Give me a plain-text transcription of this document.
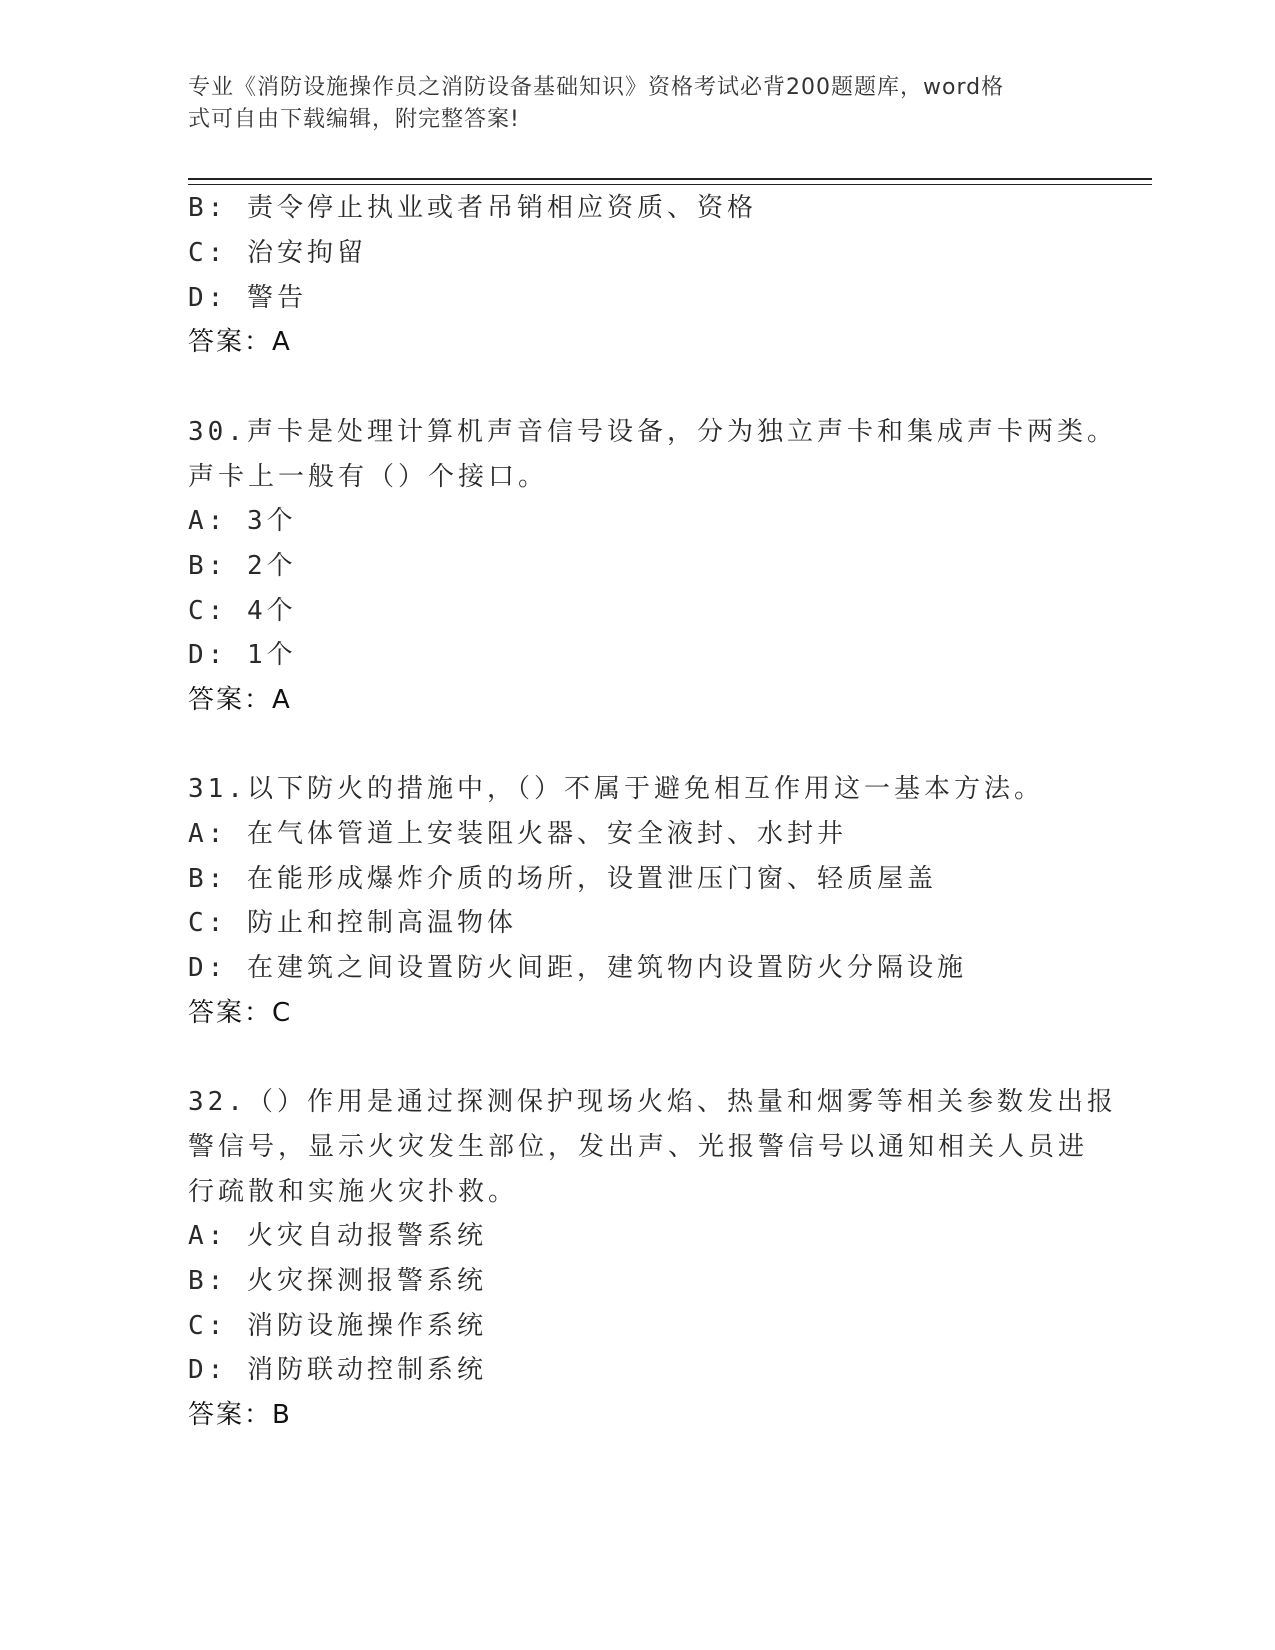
专业《消防设施操作员之消防设备基础知识》资格考试必背200题题库，word格
式可自由下载编辑，附完整答案!
B: 责令停止执业或者吊销相应资质、资格
C: 治安拘留
D: 警告
答案：A
30.声卡是处理计算机声音信号设备，分为独立声卡和集成声卡两类。
声卡上一般有（）个接口。
A: 3个
B: 2个
C: 4个
D: 1个
答案：A
31.以下防火的措施中，（）不属于避免相互作用这一基本方法。
A: 在气体管道上安装阻火器、安全液封、水封井
B: 在能形成爆炸介质的场所，设置泄压门窗、轻质屋盖
C: 防止和控制高温物体
D: 在建筑之间设置防火间距，建筑物内设置防火分隔设施
答案：C
32.（）作用是通过探测保护现场火焰、热量和烟雾等相关参数发出报
警信号，显示火灾发生部位，发出声、光报警信号以通知相关人员进
行疏散和实施火灾扑救。
A: 火灾自动报警系统
B: 火灾探测报警系统
C: 消防设施操作系统
D: 消防联动控制系统
答案：B
